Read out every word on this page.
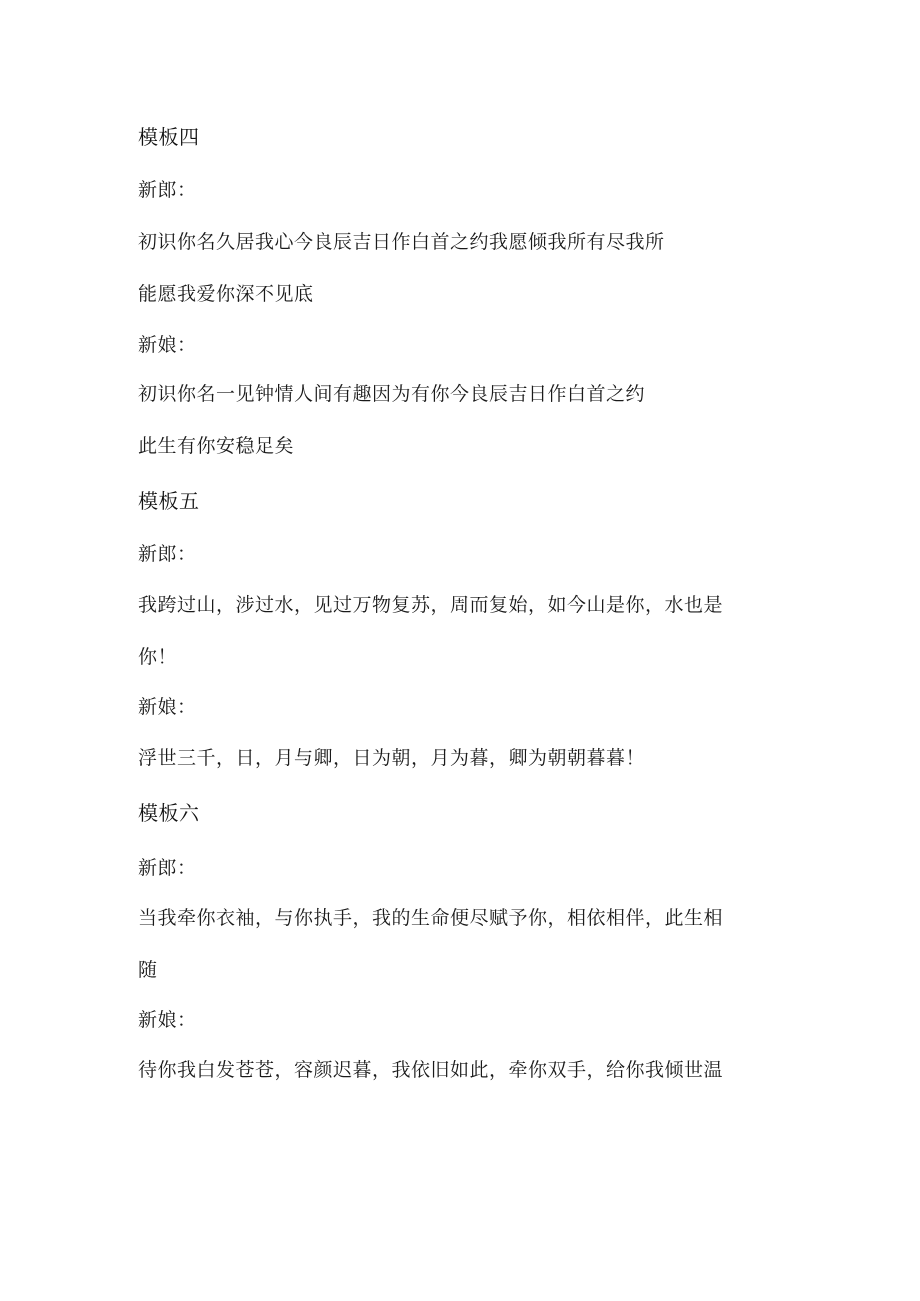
模板四

新郎：

初识你名久居我心今良辰吉日作白首之约我愿倾我所有尽我所

能愿我爱你深不见底

新娘：

初识你名一见钟情人间有趣因为有你今良辰吉日作白首之约

此生有你安稳足矣

模板五

新郎：

我跨过山，涉过水，见过万物复苏，周而复始，如今山是你，水也是

你！

新娘：

浮世三千，日，月与卿，日为朝，月为暮，卿为朝朝暮暮！

模板六

新郎：

当我牵你衣袖，与你执手，我的生命便尽赋予你，相依相伴，此生相

随

新娘：

待你我白发苍苍，容颜迟暮，我依旧如此，牵你双手，给你我倾世温
